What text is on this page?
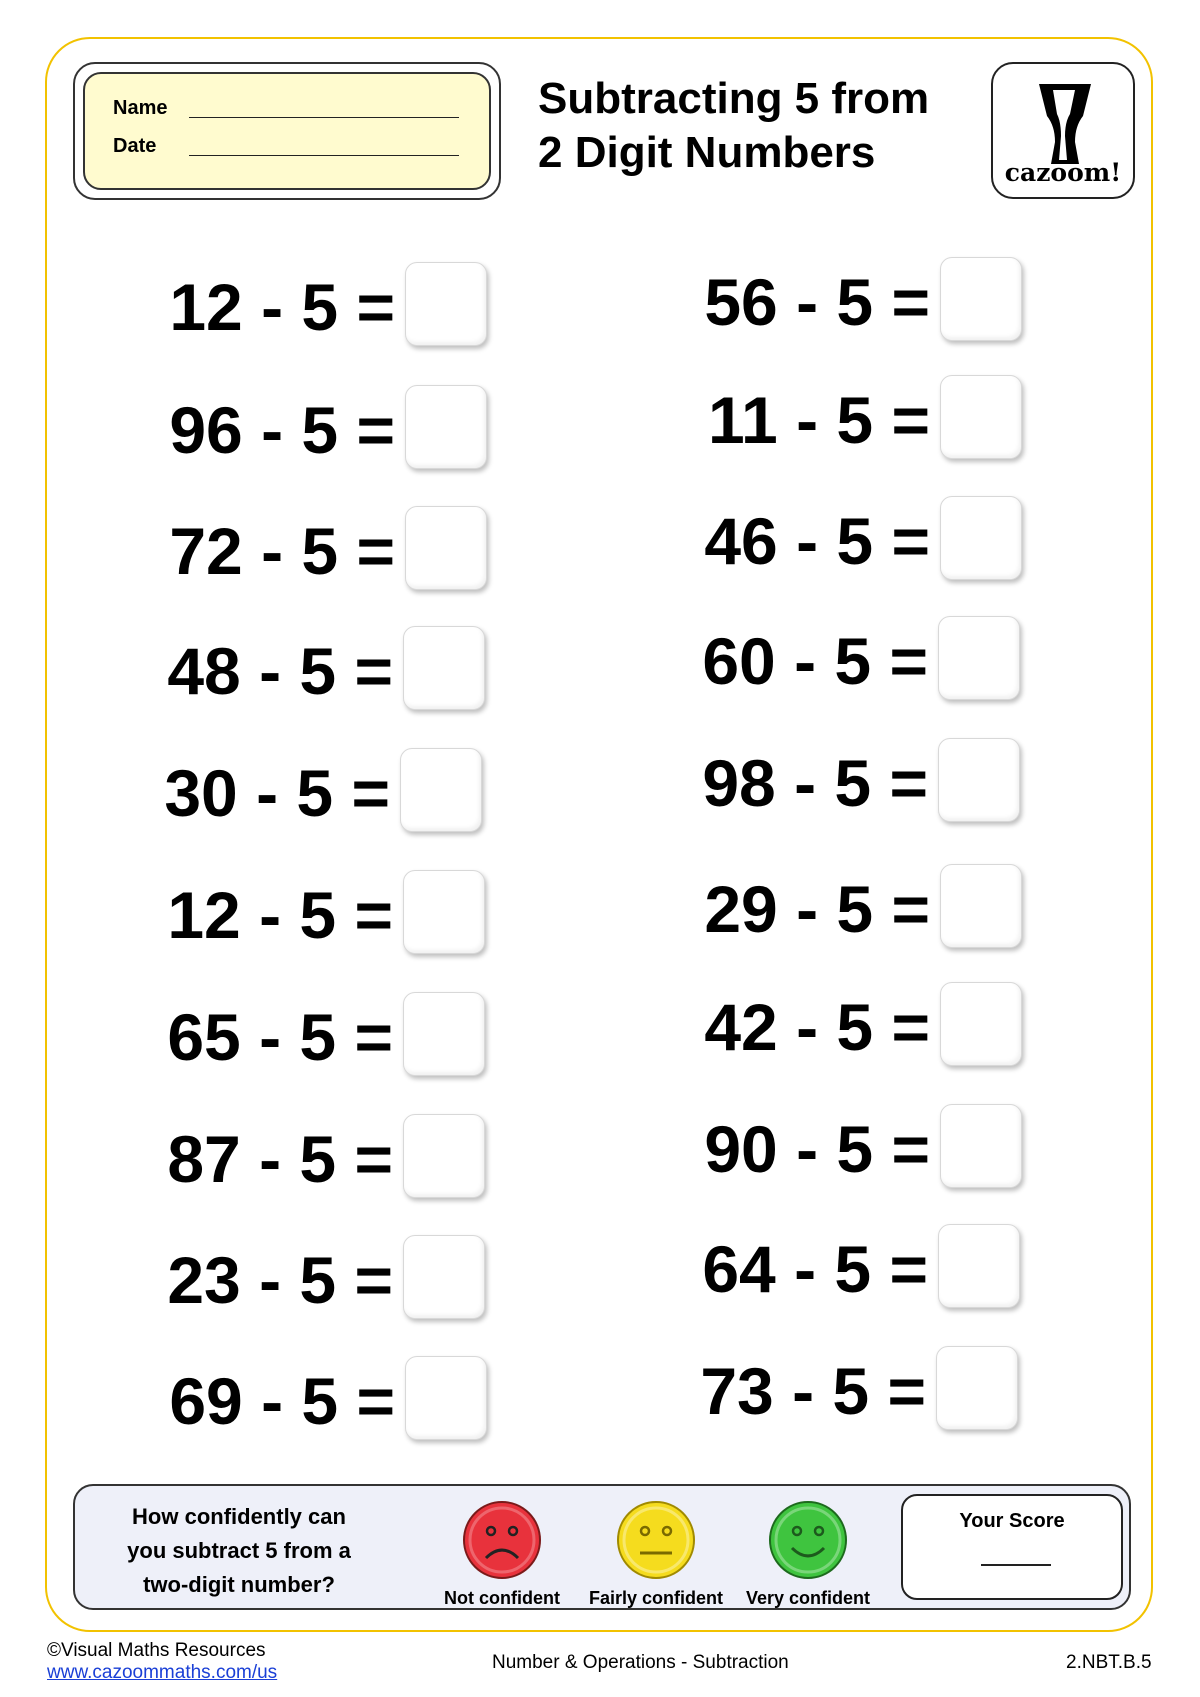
Name
Date
Subtracting 5 from
2 Digit Numbers	cazoom!
12 - 5 =
96 - 5 =
72 - 5 =
48 - 5 =
30 - 5 =
12 - 5 =
65 - 5 =
87 - 5 =
23 - 5 =
69 - 5 =
56 - 5 =
11 - 5 =
46 - 5 =
60 - 5 =
98 - 5 =
29 - 5 =
42 - 5 =
90 - 5 =
64 - 5 =
73 - 5 =
How confidently can
you subtract 5 from a
two-digit number?
Not confident	Fairly confident	Very confident
Your Score
©Visual Maths Resources
www.cazoommaths.com/us	Number & Operations - Subtraction	2.NBT.B.5
